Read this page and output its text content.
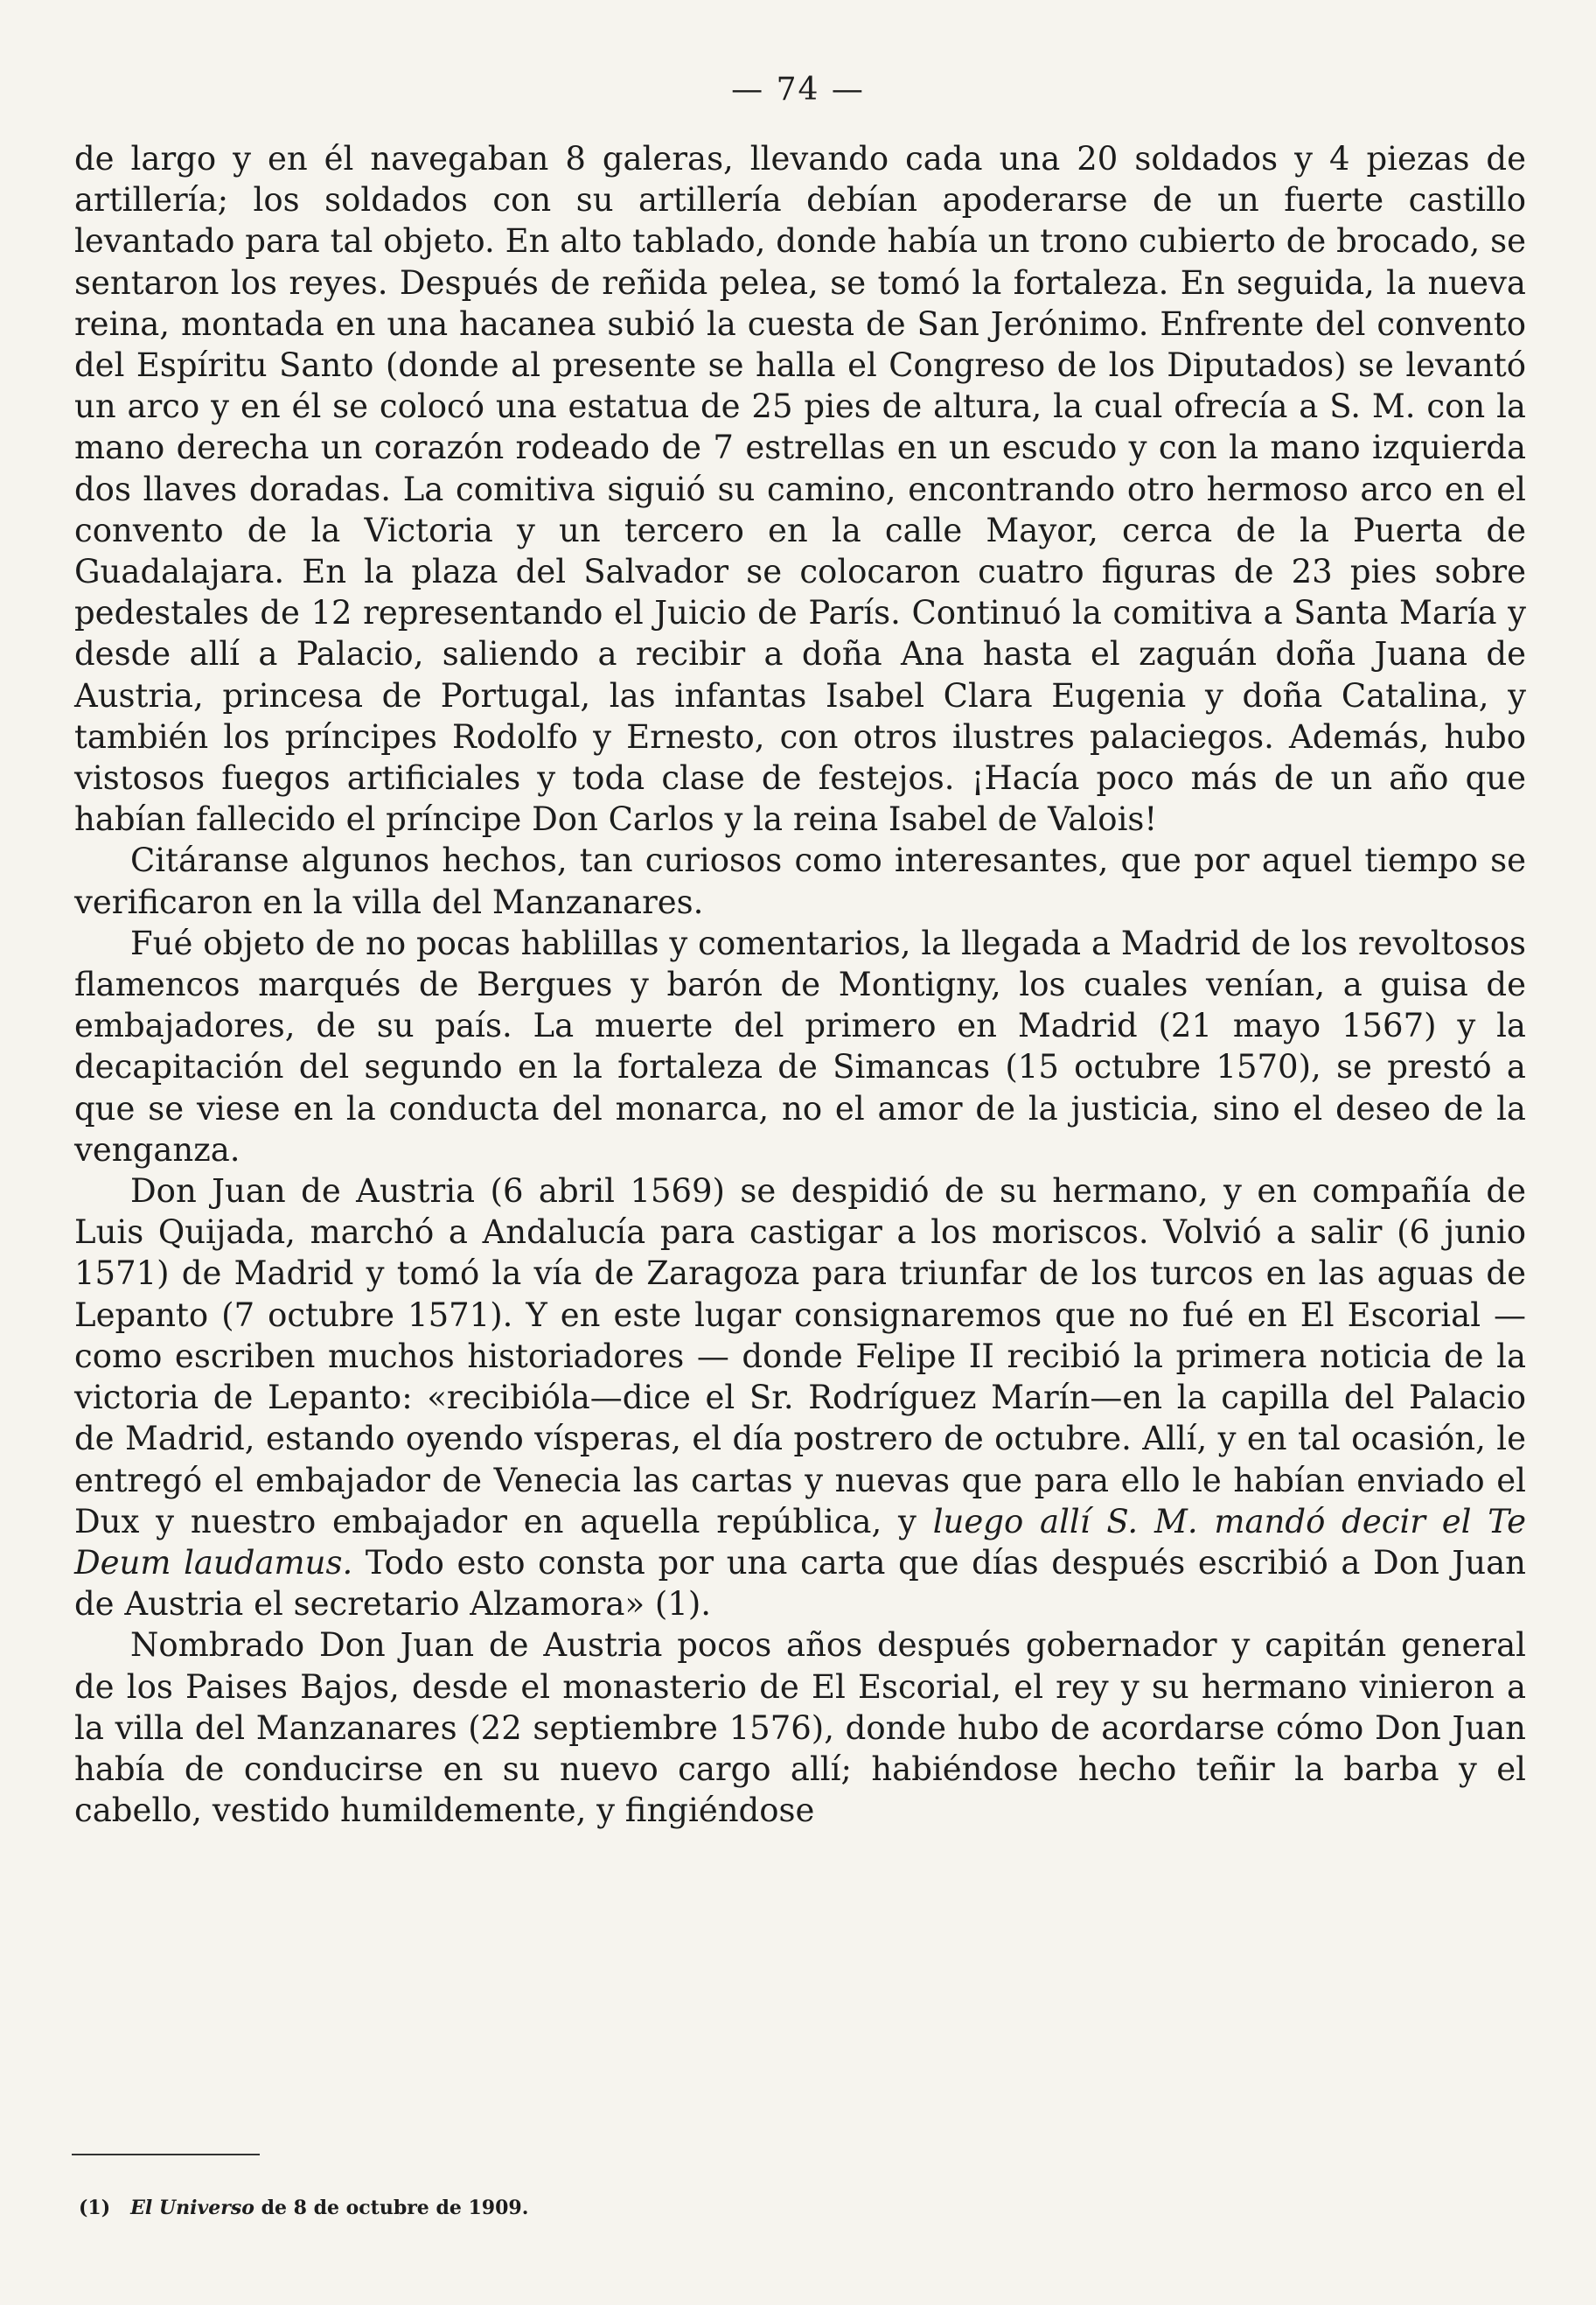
— 74 —

de largo y en él navegaban 8 galeras, llevando cada una 20 soldados y 4 piezas de artillería; los soldados con su artillería debían apoderarse de un fuerte castillo levantado para tal objeto. En alto tablado, donde había un trono cubierto de brocado, se sentaron los reyes. Después de reñida pelea, se tomó la fortaleza. En seguida, la nueva reina, montada en una hacanea subió la cuesta de San Jerónimo. Enfrente del convento del Espíritu Santo (donde al presente se halla el Congreso de los Diputados) se levantó un arco y en él se colocó una estatua de 25 pies de altura, la cual ofrecía a S. M. con la mano derecha un corazón rodeado de 7 estrellas en un escudo y con la mano izquierda dos llaves doradas. La comitiva siguió su camino, encontrando otro hermoso arco en el convento de la Victoria y un tercero en la calle Mayor, cerca de la Puerta de Guadalajara. En la plaza del Salvador se colocaron cuatro figuras de 23 pies sobre pedestales de 12 representando el Juicio de París. Continuó la comitiva a Santa María y desde allí a Palacio, saliendo a recibir a doña Ana hasta el zaguán doña Juana de Austria, princesa de Portugal, las infantas Isabel Clara Eugenia y doña Catalina, y también los príncipes Rodolfo y Ernesto, con otros ilustres palaciegos. Además, hubo vistosos fuegos artificiales y toda clase de festejos. ¡Hacía poco más de un año que habían fallecido el príncipe Don Carlos y la reina Isabel de Valois!

Citáranse algunos hechos, tan curiosos como interesantes, que por aquel tiempo se verificaron en la villa del Manzanares.

Fué objeto de no pocas hablillas y comentarios, la llegada a Madrid de los revoltosos flamencos marqués de Bergues y barón de Montigny, los cuales venían, a guisa de embajadores, de su país. La muerte del primero en Madrid (21 mayo 1567) y la decapitación del segundo en la fortaleza de Simancas (15 octubre 1570), se prestó a que se viese en la conducta del monarca, no el amor de la justicia, sino el deseo de la venganza.

Don Juan de Austria (6 abril 1569) se despidió de su hermano, y en compañía de Luis Quijada, marchó a Andalucía para castigar a los moriscos. Volvió a salir (6 junio 1571) de Madrid y tomó la vía de Zaragoza para triunfar de los turcos en las aguas de Lepanto (7 octubre 1571). Y en este lugar consignaremos que no fué en El Escorial — como escriben muchos historiadores — donde Felipe II recibió la primera noticia de la victoria de Lepanto: «recibióla—dice el Sr. Rodríguez Marín—en la capilla del Palacio de Madrid, estando oyendo vísperas, el día postrero de octubre. Allí, y en tal ocasión, le entregó el embajador de Venecia las cartas y nuevas que para ello le habían enviado el Dux y nuestro embajador en aquella república, y luego allí S. M. mandó decir el Te Deum laudamus. Todo esto consta por una carta que días después escribió a Don Juan de Austria el secretario Alzamora» (1).

Nombrado Don Juan de Austria pocos años después gobernador y capitán general de los Paises Bajos, desde el monasterio de El Escorial, el rey y su hermano vinieron a la villa del Manzanares (22 septiembre 1576), donde hubo de acordarse cómo Don Juan había de conducirse en su nuevo cargo allí; habiéndose hecho teñir la barba y el cabello, vestido humildemente, y fingiéndose

(1) El Universo de 8 de octubre de 1909.
